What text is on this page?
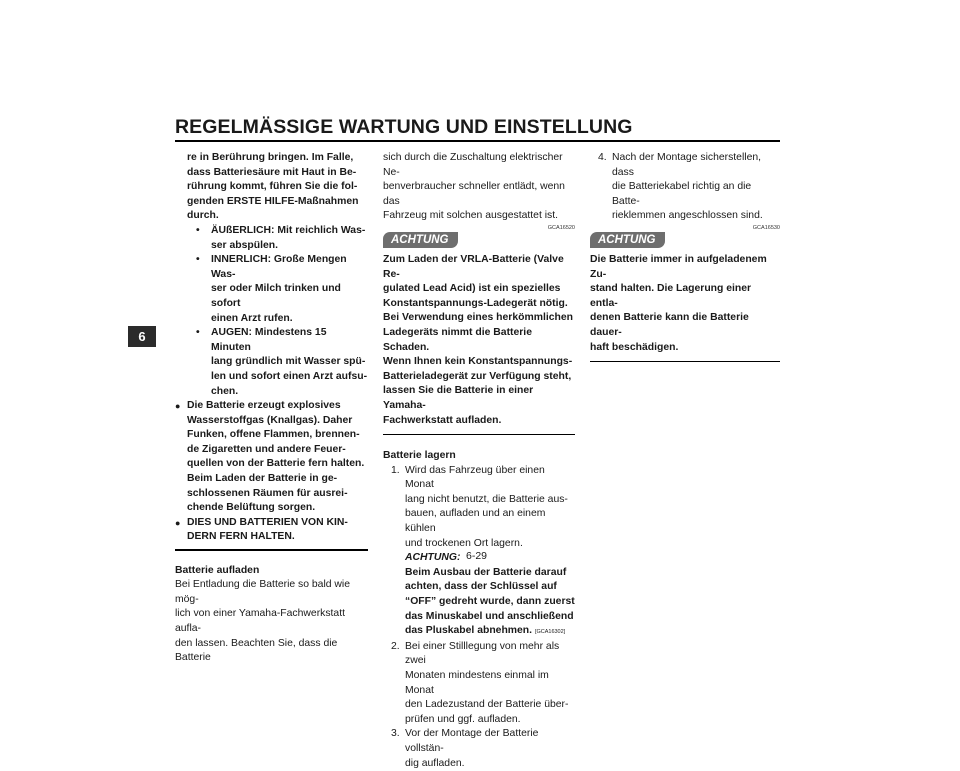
REGELMÄSSIGE WARTUNG UND EINSTELLUNG
6
re in Berührung bringen. Im Falle,
dass Batteriesäure mit Haut in Be-
rührung kommt, führen Sie die fol-
genden ERSTE HILFE-Maßnahmen
durch.
•	ÄUßERLICH: Mit reichlich Was-
ser abspülen.
•	INNERLICH: Große Mengen Was-
ser oder Milch trinken und sofort
einen Arzt rufen.
•	AUGEN: Mindestens 15 Minuten
lang gründlich mit Wasser spü-
len und sofort einen Arzt aufsu-
chen.
● Die Batterie erzeugt explosives
Wasserstoffgas (Knallgas). Daher
Funken, offene Flammen, brennen-
de Zigaretten und andere Feuer-
quellen von der Batterie fern halten.
Beim Laden der Batterie in ge-
schlossenen Räumen für ausrei-
chende Belüftung sorgen.
● DIES UND BATTERIEN VON KIN-
DERN FERN HALTEN.
Batterie aufladen
Bei Entladung die Batterie so bald wie mög-
lich von einer Yamaha-Fachwerkstatt aufla-
den lassen. Beachten Sie, dass die Batterie
sich durch die Zuschaltung elektrischer Ne-
benverbraucher schneller entlädt, wenn das
Fahrzeug mit solchen ausgestattet ist.
GCA16520
ACHTUNG
Zum Laden der VRLA-Batterie (Valve Re-
gulated Lead Acid) ist ein spezielles
Konstantspannungs-Ladegerät nötig.
Bei Verwendung eines herkömmlichen
Ladegeräts nimmt die Batterie Schaden.
Wenn Ihnen kein Konstantspannungs-
Batterieladegerät zur Verfügung steht,
lassen Sie die Batterie in einer Yamaha-
Fachwerkstatt aufladen.
Batterie lagern
1. Wird das Fahrzeug über einen Monat
lang nicht benutzt, die Batterie aus-
bauen, aufladen und an einem kühlen
und trockenen Ort lagern. ACHTUNG:
Beim Ausbau der Batterie darauf
achten, dass der Schlüssel auf
“OFF” gedreht wurde, dann zuerst
das Minuskabel und anschließend
das Pluskabel abnehmen. [GCA16302]
2. Bei einer Stilllegung von mehr als zwei
Monaten mindestens einmal im Monat
den Ladezustand der Batterie über-
prüfen und ggf. aufladen.
3. Vor der Montage der Batterie vollstän-
dig aufladen.
4. Nach der Montage sicherstellen, dass
die Batteriekabel richtig an die Batte-
rieklemmen angeschlossen sind.
GCA16530
ACHTUNG
Die Batterie immer in aufgeladenem Zu-
stand halten. Die Lagerung einer entla-
denen Batterie kann die Batterie dauer-
haft beschädigen.
6-29
